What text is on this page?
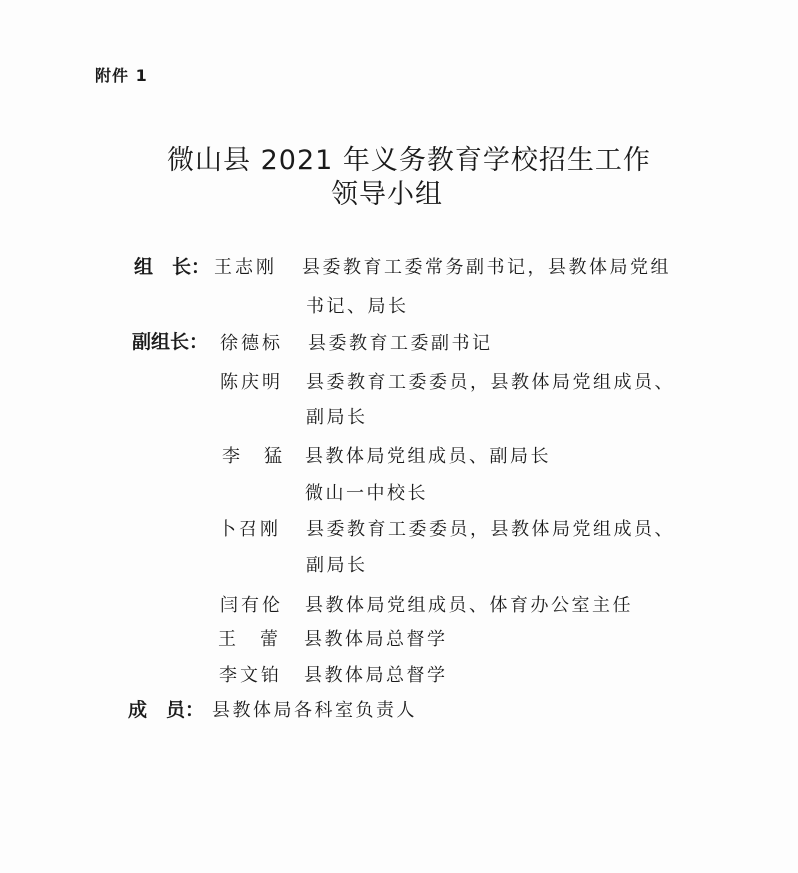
附件 1
微山县 2021 年义务教育学校招生工作
领导小组
组　长： 王志刚 县委教育工委常务副书记，县教体局党组
书记、局长
副组长： 徐德标 县委教育工委副书记
陈庆明 县委教育工委委员，县教体局党组成员、
副局长
李　猛 县教体局党组成员、副局长
微山一中校长
卜召刚 县委教育工委委员，县教体局党组成员、
副局长
闫有伦 县教体局党组成员、体育办公室主任
王　蕾 县教体局总督学
李文铂 县教体局总督学
成　员： 县教体局各科室负责人
